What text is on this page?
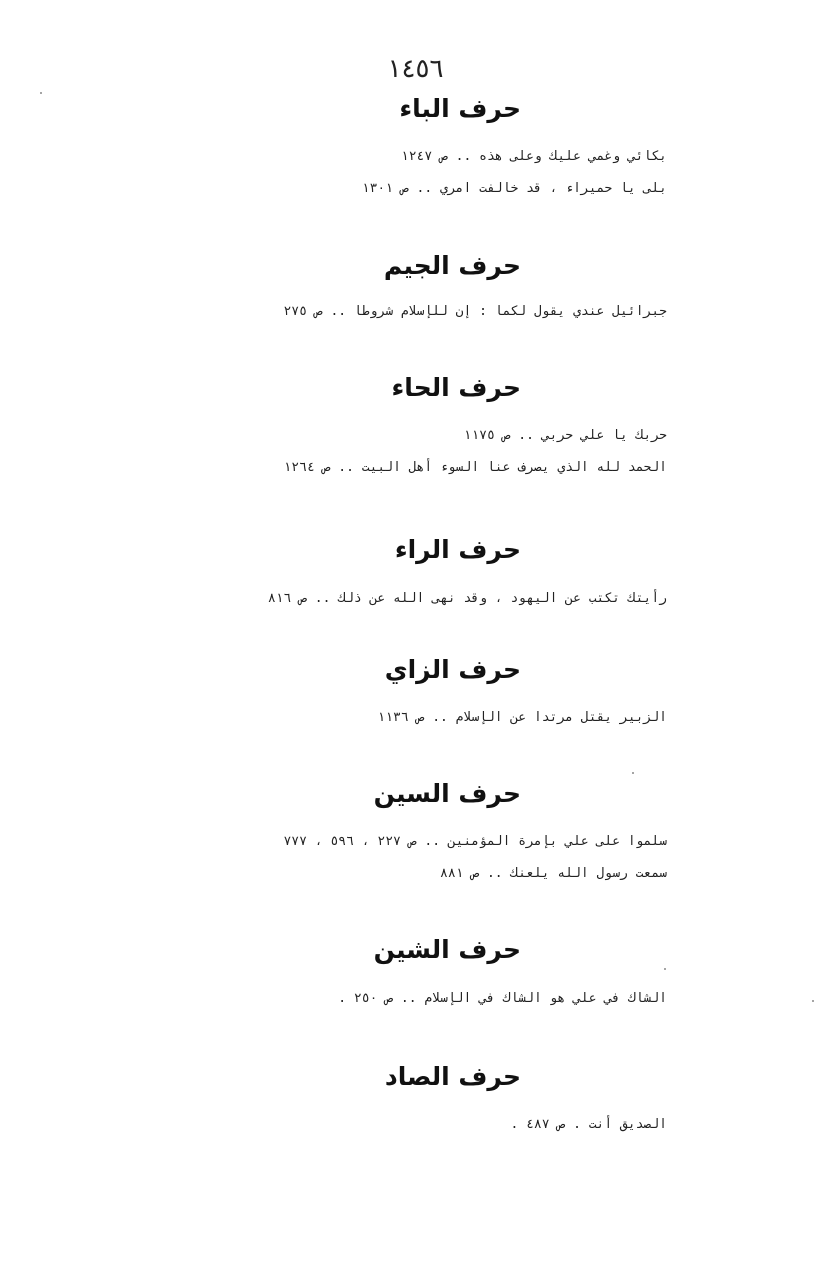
١٤٥٦
حرف الباء
بكائي وغمي عليك وعلى هذه .. ص ١٢٤٧
بلى يا حميراء ، قد خالفت امري .. ص ١٣٠١
حرف الجيم
جبرائيل عندي يقول لكما : إن للإسلام شروطا .. ص ٢٧٥
حرف الحاء
حربك يا علي حربي .. ص ١١٧٥
الحمد لله الذي يصرف عنا السوء أهل البيت .. ص ١٢٦٤
حرف الراء
رأيتك تكتب عن اليهود ، وقد نهى الله عن ذلك .. ص ٨١٦
حرف الزاي
الزبير يقتل مرتدا عن الإسلام .. ص ١١٣٦
حرف السين
سلموا على علي بإمرة المؤمنين .. ص ٢٢٧ ، ٥٩٦ ، ٧٧٧
سمعت رسول الله يلعنك .. ص ٨٨١
حرف الشين
الشاك في علي هو الشاك في الإسلام .. ص ٢٥٠ .
حرف الصاد
الصديق أنت . ص ٤٨٧ .
